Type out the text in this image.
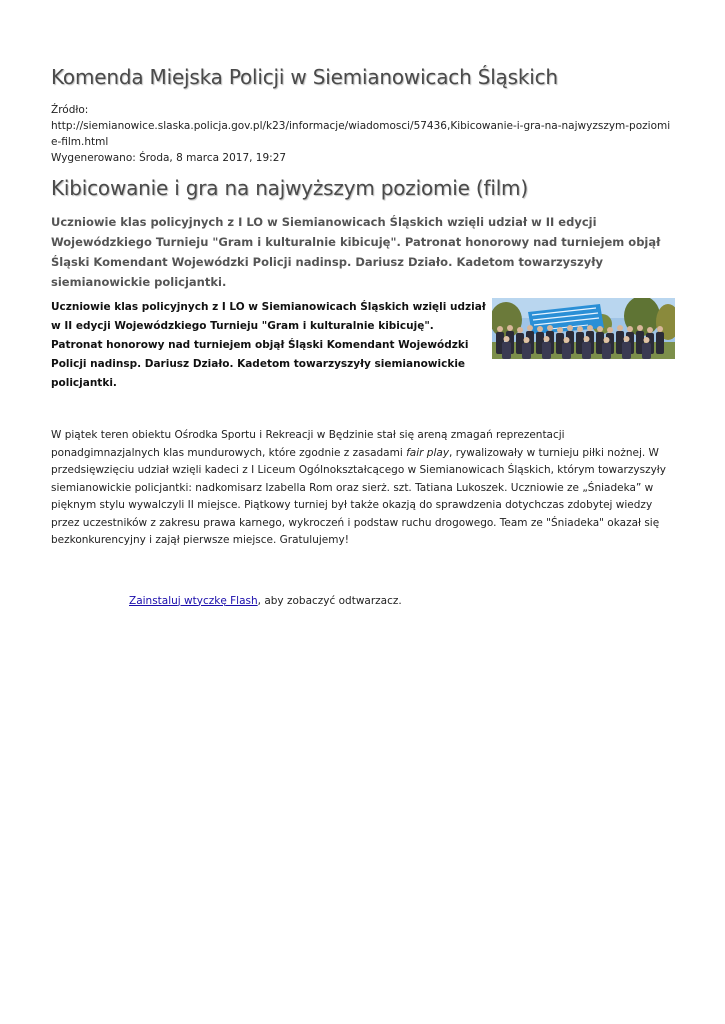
Komenda Miejska Policji w Siemianowicach Śląskich
Źródło:
http://siemianowice.slaska.policja.gov.pl/k23/informacje/wiadomosci/57436,Kibicowanie-i-gra-na-najwyzszym-poziomie-film.html
Wygenerowano: Środa, 8 marca 2017, 19:27
Kibicowanie i gra na najwyższym poziomie (film)
Uczniowie klas policyjnych z I LO w Siemianowicach Śląskich wzięli udział w II edycji Wojewódzkiego Turnieju "Gram i kulturalnie kibicuję". Patronat honorowy nad turniejem objął Śląski Komendant Wojewódzki Policji nadinsp. Dariusz Działo. Kadetom towarzyszyły siemianowickie policjantki.
Uczniowie klas policyjnych z I LO w Siemianowicach Śląskich wzięli udział w II edycji Wojewódzkiego Turnieju "Gram i kulturalnie kibicuję". Patronat honorowy nad turniejem objął Śląski Komendant Wojewódzki Policji nadinsp. Dariusz Działo. Kadetom towarzyszyły siemianowickie policjantki.
W piątek teren obiektu Ośrodka Sportu i Rekreacji w Będzinie stał się areną zmagań reprezentacji ponadgimnazjalnych klas mundurowych, które zgodnie z zasadami fair play, rywalizowały w turnieju piłki nożnej. W przedsięwzięciu udział wzięli kadeci z I Liceum Ogólnokształcącego w Siemianowicach Śląskich, którym towarzyszyły siemianowickie policjantki: nadkomisarz Izabella Rom oraz sierż. szt. Tatiana Lukoszek. Uczniowie ze „Śniadeka” w pięknym stylu wywalczyli II miejsce. Piątkowy turniej był także okazją do sprawdzenia dotychczas zdobytej wiedzy przez uczestników z zakresu prawa karnego, wykroczeń i podstaw ruchu drogowego. Team ze "Śniadeka" okazał się bezkonkurencyjny i zajął pierwsze miejsce. Gratulujemy!
Zainstaluj wtyczkę Flash, aby zobaczyć odtwarzacz.
